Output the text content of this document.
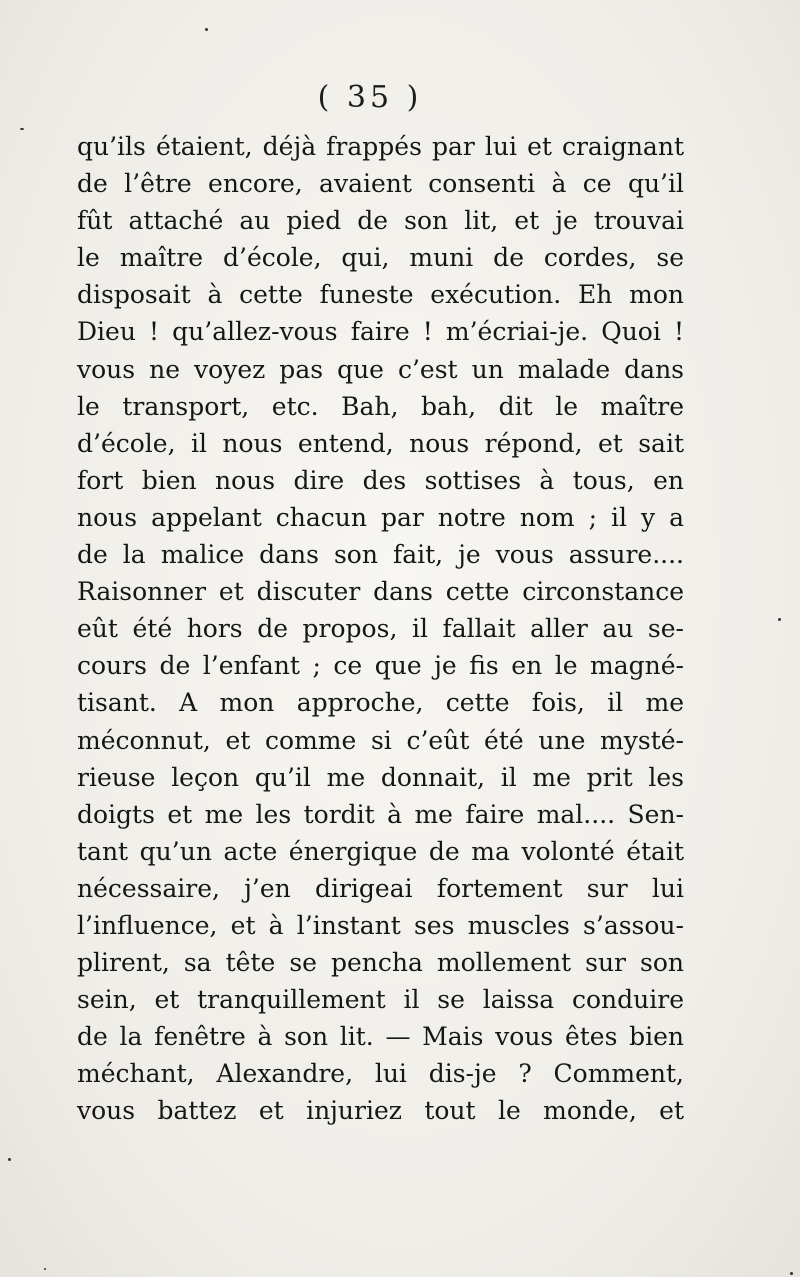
( 35 )
qu’ils étaient, déjà frappés par lui et craignant
de l’être encore, avaient consenti à ce qu’il
fût attaché au pied de son lit, et je trouvai
le maître d’école, qui, muni de cordes, se
disposait à cette funeste exécution. Eh mon
Dieu ! qu’allez-vous faire ! m’écriai-je. Quoi !
vous ne voyez pas que c’est un malade dans
le transport, etc. Bah, bah, dit le maître
d’école, il nous entend, nous répond, et sait
fort bien nous dire des sottises à tous, en
nous appelant chacun par notre nom ; il y a
de la malice dans son fait, je vous assure....
Raisonner et discuter dans cette circonstance
eût été hors de propos, il fallait aller au se-
cours de l’enfant ; ce que je fis en le magné-
tisant. A mon approche, cette fois, il me
méconnut, et comme si c’eût été une mysté-
rieuse leçon qu’il me donnait, il me prit les
doigts et me les tordit à me faire mal.... Sen-
tant qu’un acte énergique de ma volonté était
nécessaire, j’en dirigeai fortement sur lui
l’influence, et à l’instant ses muscles s’assou-
plirent, sa tête se pencha mollement sur son
sein, et tranquillement il se laissa conduire
de la fenêtre à son lit. — Mais vous êtes bien
méchant, Alexandre, lui dis-je ? Comment,
vous battez et injuriez tout le monde, et
